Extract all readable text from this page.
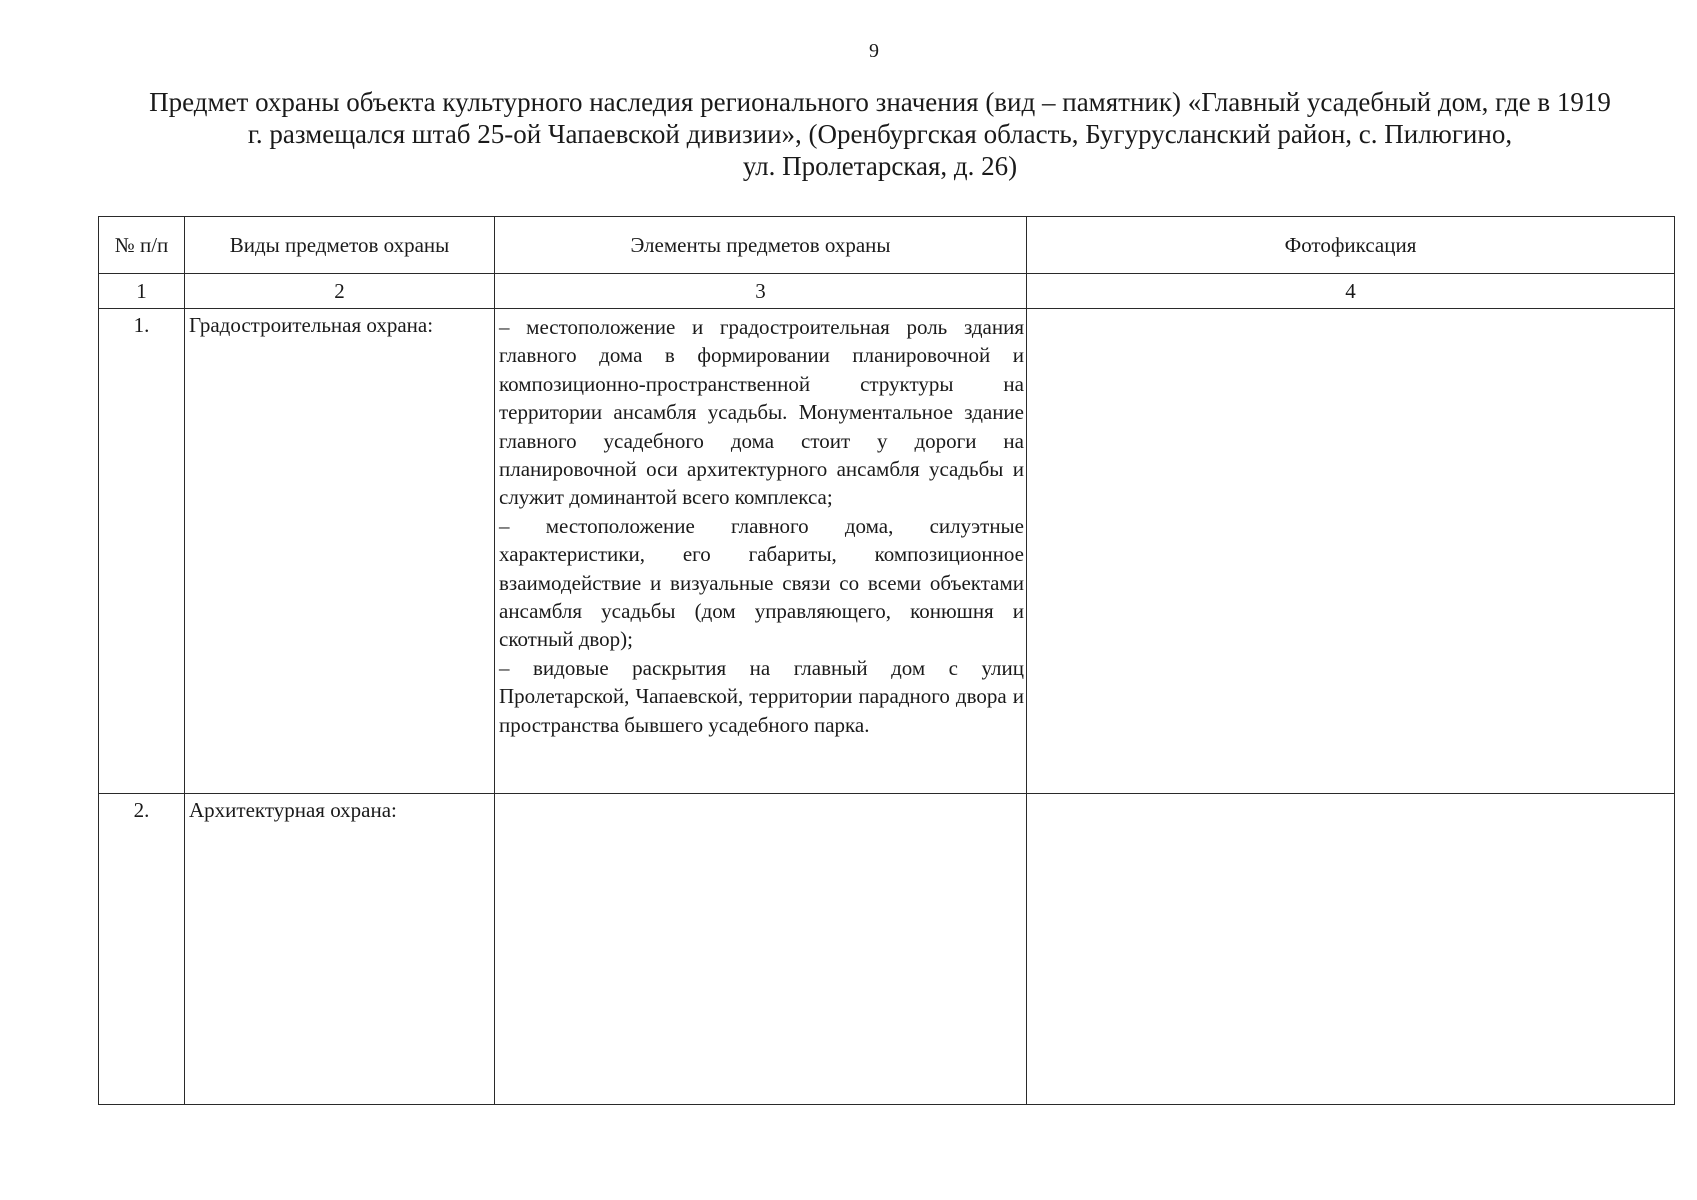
9
Предмет охраны объекта культурного наследия регионального значения (вид – памятник) «Главный усадебный дом, где в 1919
г. размещался штаб 25-ой Чапаевской дивизии», (Оренбургская область, Бугурусланский район, с. Пилюгино,
ул. Пролетарская, д. 26)
№ п/п	Виды предметов охраны	Элементы предметов охраны	Фотофиксация
1	2	3	4
1.	Градостроительная охрана:	– местоположение и градостроительная роль здания главного дома в формировании планировочной и композиционно-пространственной структуры на территории ансамбля усадьбы. Монументальное здание главного усадебного дома стоит у дороги на планировочной оси архитектурного ансамбля усадьбы и служит доминантой всего комплекса;

– местоположение главного дома, силуэтные характеристики, его габариты, композиционное взаимодействие и визуальные связи со всеми объектами ансамбля усадьбы (дом управляющего, конюшня и скотный двор);

– видовые раскрытия на главный дом с улиц Пролетарской, Чапаевской, территории парадного двора и пространства бывшего усадебного парка.	

2.	Архитектурная охрана:		
